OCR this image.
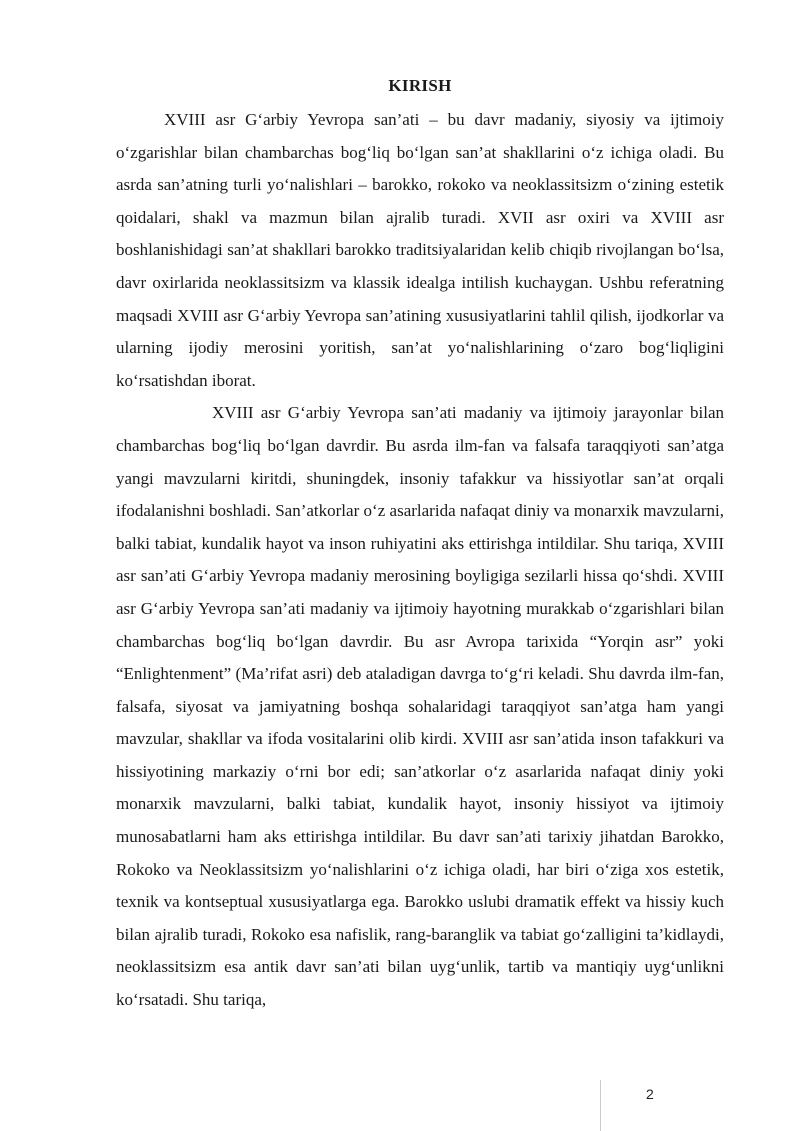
KIRISH

XVIII asr G‘arbiy Yevropa san’ati – bu davr madaniy, siyosiy va ijtimoiy o‘zgarishlar bilan chambarchas bog‘liq bo‘lgan san’at shakllarini o‘z ichiga oladi. Bu asrda san’atning turli yo‘nalishlari – barokko, rokoko va neoklassitsizm o‘zining estetik qoidalari, shakl va mazmun bilan ajralib turadi. XVII asr oxiri va XVIII asr boshlanishidagi san’at shakllari barokko traditsiyalaridan kelib chiqib rivojlangan bo‘lsa, davr oxirlarida neoklassitsizm va klassik idealga intilish kuchaygan. Ushbu referatning maqsadi XVIII asr G‘arbiy Yevropa san’atining xususiyatlarini tahlil qilish, ijodkorlar va ularning ijodiy merosini yoritish, san’at yo‘nalishlarining o‘zaro bog‘liqligini ko‘rsatishdan iborat.

XVIII asr G‘arbiy Yevropa san’ati madaniy va ijtimoiy jarayonlar bilan chambarchas bog‘liq bo‘lgan davrdir. Bu asrda ilm-fan va falsafa taraqqiyoti san’atga yangi mavzularni kiritdi, shuningdek, insoniy tafakkur va hissiyotlar san’at orqali ifodalanishni boshladi. San’atkorlar o‘z asarlarida nafaqat diniy va monarxik mavzularni, balki tabiat, kundalik hayot va inson ruhiyatini aks ettirishga intildilar. Shu tariqa, XVIII asr san’ati G‘arbiy Yevropa madaniy merosining boyligiga sezilarli hissa qo‘shdi. XVIII asr G‘arbiy Yevropa san’ati madaniy va ijtimoiy hayotning murakkab o‘zgarishlari bilan chambarchas bog‘liq bo‘lgan davrdir. Bu asr Avropa tarixida “Yorqin asr” yoki “Enlightenment” (Ma’rifat asri) deb ataladigan davrga to‘g‘ri keladi. Shu davrda ilm-fan, falsafa, siyosat va jamiyatning boshqa sohalaridagi taraqqiyot san’atga ham yangi mavzular, shakllar va ifoda vositalarini olib kirdi. XVIII asr san’atida inson tafakkuri va hissiyotining markaziy o‘rni bor edi; san’atkorlar o‘z asarlarida nafaqat diniy yoki monarxik mavzularni, balki tabiat, kundalik hayot, insoniy hissiyot va ijtimoiy munosabatlarni ham aks ettirishga intildilar. Bu davr san’ati tarixiy jihatdan Barokko, Rokoko va Neoklassitsizm yo‘nalishlarini o‘z ichiga oladi, har biri o‘ziga xos estetik, texnik va kontseptual xususiyatlarga ega. Barokko uslubi dramatik effekt va hissiy kuch bilan ajralib turadi, Rokoko esa nafislik, rang-baranglik va tabiat go‘zalligini ta’kidlaydi, neoklassitsizm esa antik davr san’ati bilan uyg‘unlik, tartib va mantiqiy uyg‘unlikni ko‘rsatadi. Shu tariqa,

2
